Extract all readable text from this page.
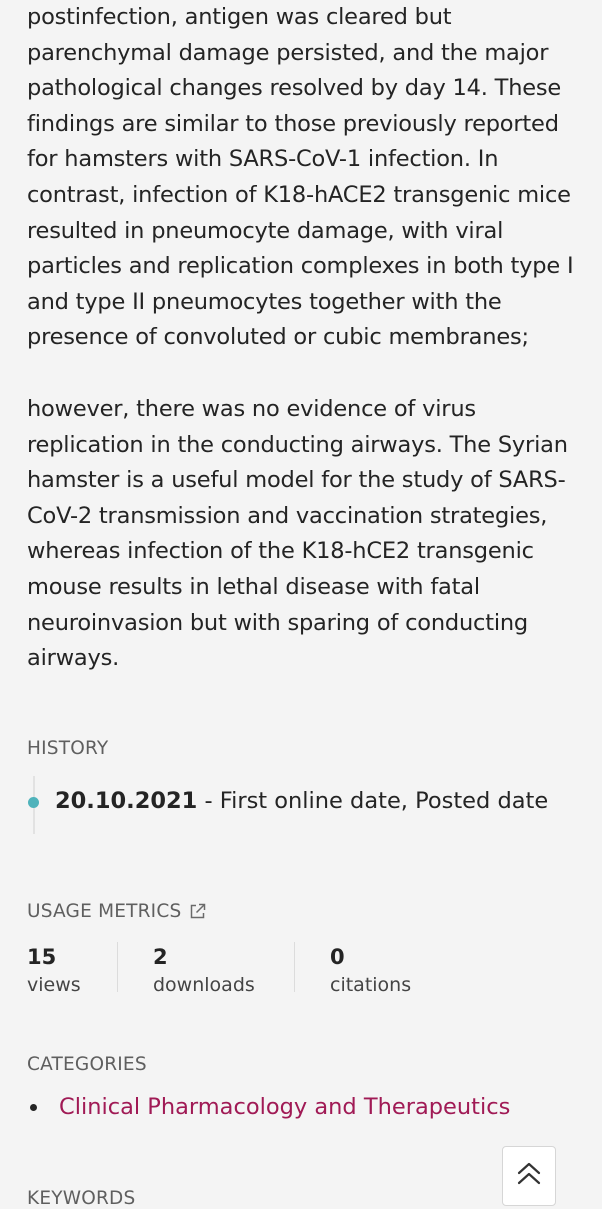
postinfection, antigen was cleared but parenchymal damage persisted, and the major pathological changes resolved by day 14. These findings are similar to those previously reported for hamsters with SARS-CoV-1 infection. In contrast, infection of K18-hACE2 transgenic mice resulted in pneumocyte damage, with viral particles and replication complexes in both type I and type II pneumocytes together with the presence of convoluted or cubic membranes;

however, there was no evidence of virus replication in the conducting airways. The Syrian hamster is a useful model for the study of SARS-CoV-2 transmission and vaccination strategies, whereas infection of the K18-hCE2 transgenic mouse results in lethal disease with fatal neuroinvasion but with sparing of conducting airways.

HISTORY
20.10.2021 - First online date, Posted date
USAGE METRICS
15
views
2
downloads
0
citations
CATEGORIES
Clinical Pharmacology and Therapeutics
KEYWORDS
